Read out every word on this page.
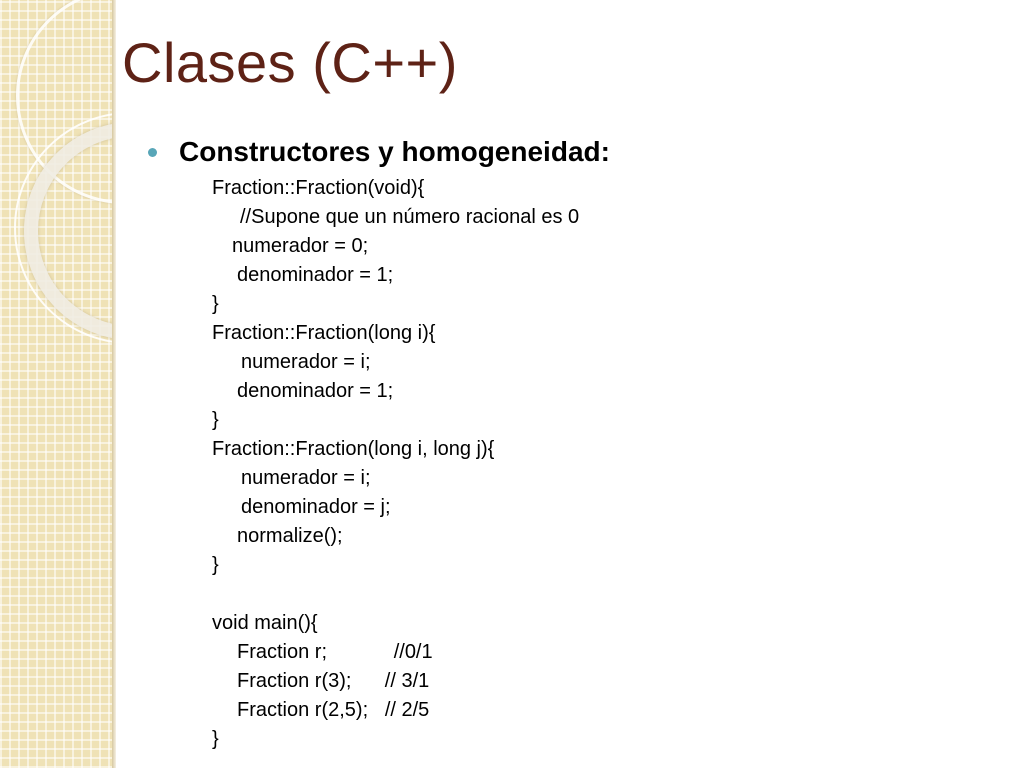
Clases (C++)
Constructores y homogeneidad:
Fraction::Fraction(void){
//Supone que un número racional es 0
numerador = 0;
denominador = 1;
}
Fraction::Fraction(long i){
numerador = i;
denominador = 1;
}
Fraction::Fraction(long i, long j){
numerador = i;
denominador = j;
normalize();
}
void main(){
Fraction r;            //0/1
Fraction r(3);      // 3/1
Fraction r(2,5);   // 2/5
}
